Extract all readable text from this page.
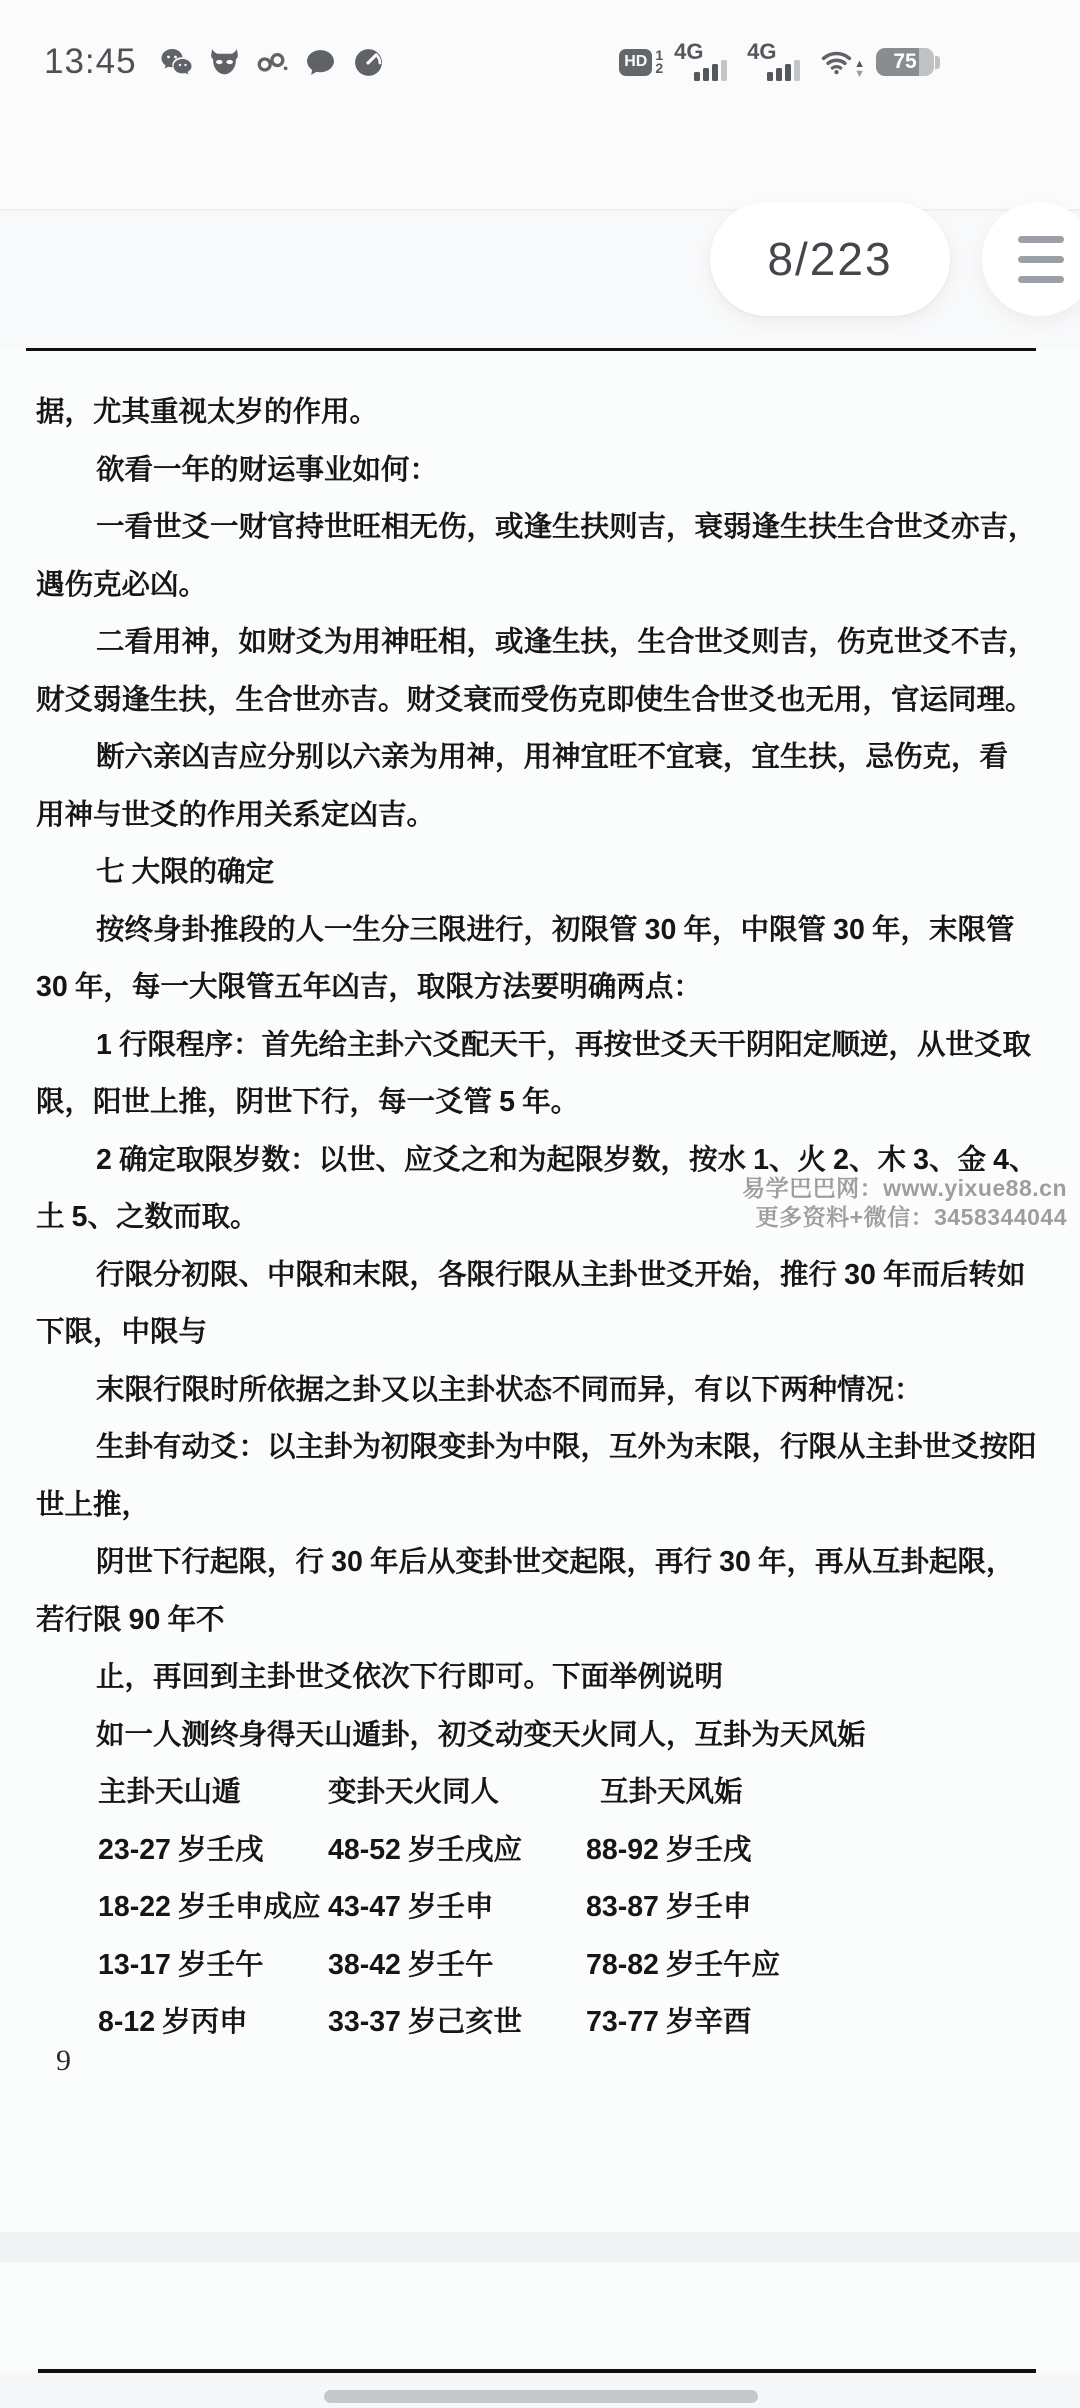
13:45	HD 1
2
4G 4G	▲
▼
75
据，尤其重视太岁的作用。
欲看一年的财运事业如何：
一看世爻一财官持世旺相无伤，或逢生扶则吉，衰弱逢生扶生合世爻亦吉，
遇伤克必凶。
二看用神，如财爻为用神旺相，或逢生扶，生合世爻则吉，伤克世爻不吉，
财爻弱逢生扶，生合世亦吉。财爻衰而受伤克即使生合世爻也无用，官运同理。
断六亲凶吉应分别以六亲为用神，用神宜旺不宜衰，宜生扶，忌伤克，看
用神与世爻的作用关系定凶吉。
七 大限的确定
按终身卦推段的人一生分三限进行，初限管 30 年，中限管 30 年，末限管
30 年，每一大限管五年凶吉，取限方法要明确两点：
1 行限程序：首先给主卦六爻配天干，再按世爻天干阴阳定顺逆，从世爻取
限，阳世上推，阴世下行，每一爻管 5 年。
2 确定取限岁数：以世、应爻之和为起限岁数，按水 1、火 2、木 3、金 4、
土 5、之数而取。
行限分初限、中限和末限，各限行限从主卦世爻开始，推行 30 年而后转如
下限，中限与
末限行限时所依据之卦又以主卦状态不同而异，有以下两种情况：
生卦有动爻：以主卦为初限变卦为中限，互外为末限，行限从主卦世爻按阳
世上推，
阴世下行起限，行 30 年后从变卦世交起限，再行 30 年，再从互卦起限，
若行限 90 年不
止，再回到主卦世爻依次下行即可。下面举例说明
如一人测终身得天山遁卦，初爻动变天火同人，互卦为天风姤
主卦天山遁	变卦天火同人	互卦天风姤
23-27 岁壬戌 48-52 岁壬戌应 88-92 岁壬戌
18-22 岁壬申成应 43-47 岁壬申	83-87 岁壬申
13-17 岁壬午 38-42 岁壬午	78-82 岁壬午应
8-12 岁丙申	33-37 岁己亥世 73-77 岁辛酉
易学巴巴网：www.yixue88.cn
更多资料+微信：3458344044
9
8/223
